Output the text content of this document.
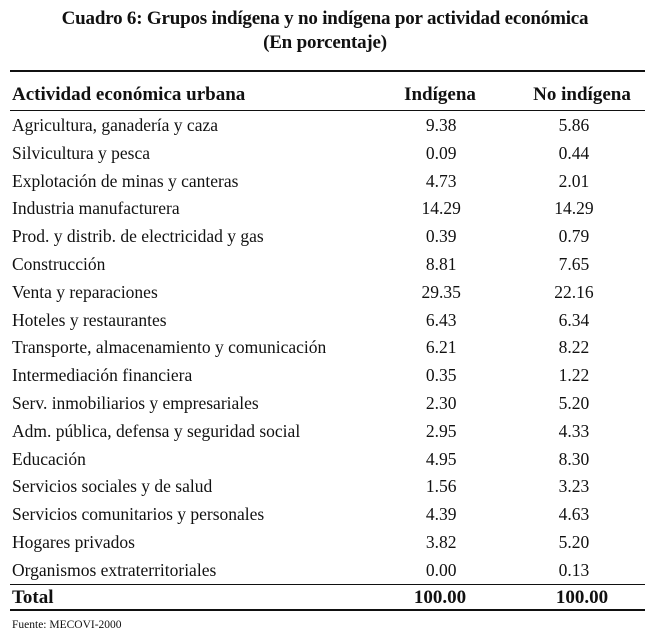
Cuadro 6: Grupos indígena y no indígena por actividad económica
(En porcentaje)
Actividad económica urbana	Indígena	No indígena
Agricultura, ganadería y caza	9.38	5.86
Silvicultura y pesca	0.09	0.44
Explotación de minas y canteras	4.73	2.01
Industria manufacturera	14.29	14.29
Prod. y distrib. de electricidad y gas	0.39	0.79
Construcción	8.81	7.65
Venta y reparaciones	29.35	22.16
Hoteles y restaurantes	6.43	6.34
Transporte, almacenamiento y comunicación	6.21	8.22
Intermediación financiera	0.35	1.22
Serv. inmobiliarios y empresariales	2.30	5.20
Adm. pública, defensa y seguridad social	2.95	4.33
Educación	4.95	8.30
Servicios sociales y de salud	1.56	3.23
Servicios comunitarios y personales	4.39	4.63
Hogares privados	3.82	5.20
Organismos extraterritoriales	0.00	0.13
Total	100.00	100.00
Fuente: MECOVI-2000
